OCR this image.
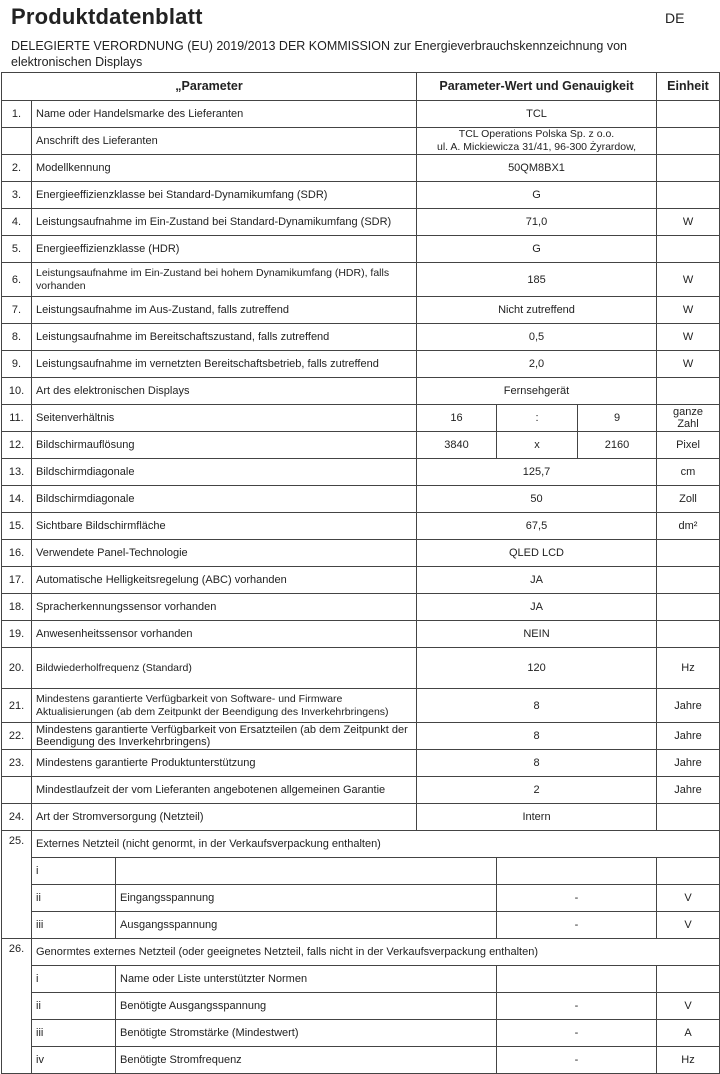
Produktdatenblatt	DE
DELEGIERTE VERORDNUNG (EU) 2019/2013 DER KOMMISSION zur Energieverbrauchskennzeichnung von elektronischen Displays
„Parameter			Parameter-Wert und Genauigkeit			Einheit
1.	Name oder Handelsmarke des Lieferanten		TCL			
	Anschrift des Lieferanten		TCL Operations Polska Sp. z o.o.
ul. A. Mickiewicza 31/41, 96-300 Żyrardow,			

2.	Modellkennung		50QM8BX1			
3.	Energieeffizienzklasse bei Standard-Dynamikumfang (SDR)		G			
4.	Leistungsaufnahme im Ein-Zustand bei Standard-Dynamikumfang (SDR)		71,0			W
5.	Energieeffizienzklasse (HDR)		G			
6.	Leistungsaufnahme im Ein-Zustand bei hohem Dynamikumfang (HDR), falls vorhanden		185			W
7.	Leistungsaufnahme im Aus-Zustand, falls zutreffend		Nicht zutreffend			W
8.	Leistungsaufnahme im Bereitschaftszustand, falls zutreffend		0,5			W
9.	Leistungsaufnahme im vernetzten Bereitschaftsbetrieb, falls zutreffend		2,0			W
10.	Art des elektronischen Displays		Fernsehgerät			
11.	Seitenverhältnis		16	:	9	ganze Zahl
12.	Bildschirmauflösung		3840	x	2160	Pixel
13.	Bildschirmdiagonale		125,7			cm
14.	Bildschirmdiagonale		50			Zoll
15.	Sichtbare Bildschirmfläche		67,5			dm²
16.	Verwendete Panel-Technologie		QLED LCD			
17.	Automatische Helligkeitsregelung (ABC) vorhanden		JA			
18.	Spracherkennungssensor vorhanden		JA			
19.	Anwesenheitssensor vorhanden		NEIN			
20.	Bildwiederholfrequenz (Standard)		120			Hz
21.	Mindestens garantierte Verfügbarkeit von Software- und Firmware Aktualisierungen (ab dem Zeitpunkt der Beendigung des Inverkehrbringens)		8			Jahre
22.	Mindestens garantierte Verfügbarkeit von Ersatzteilen (ab dem Zeitpunkt der Beendigung des Inverkehrbringens)		8			Jahre
23.	Mindestens garantierte Produktunterstützung		8			Jahre
	Mindestlaufzeit der vom Lieferanten angebotenen allgemeinen Garantie		2			Jahre
24.	Art der Stromversorgung (Netzteil)		Intern			
25.	Externes Netzteil (nicht genormt, in der Verkaufsverpackung enthalten)					
	i					
	ii	Eingangsspannung		-		V
	iii	Ausgangsspannung		-		V
26.	Genormtes externes Netzteil (oder geeignetes Netzteil, falls nicht in der Verkaufsverpackung enthalten)					
	i	Name oder Liste unterstützter Normen				
	ii	Benötigte Ausgangsspannung		-		V
	iii	Benötigte Stromstärke (Mindestwert)		-		A
	iv	Benötigte Stromfrequenz		-		Hz
